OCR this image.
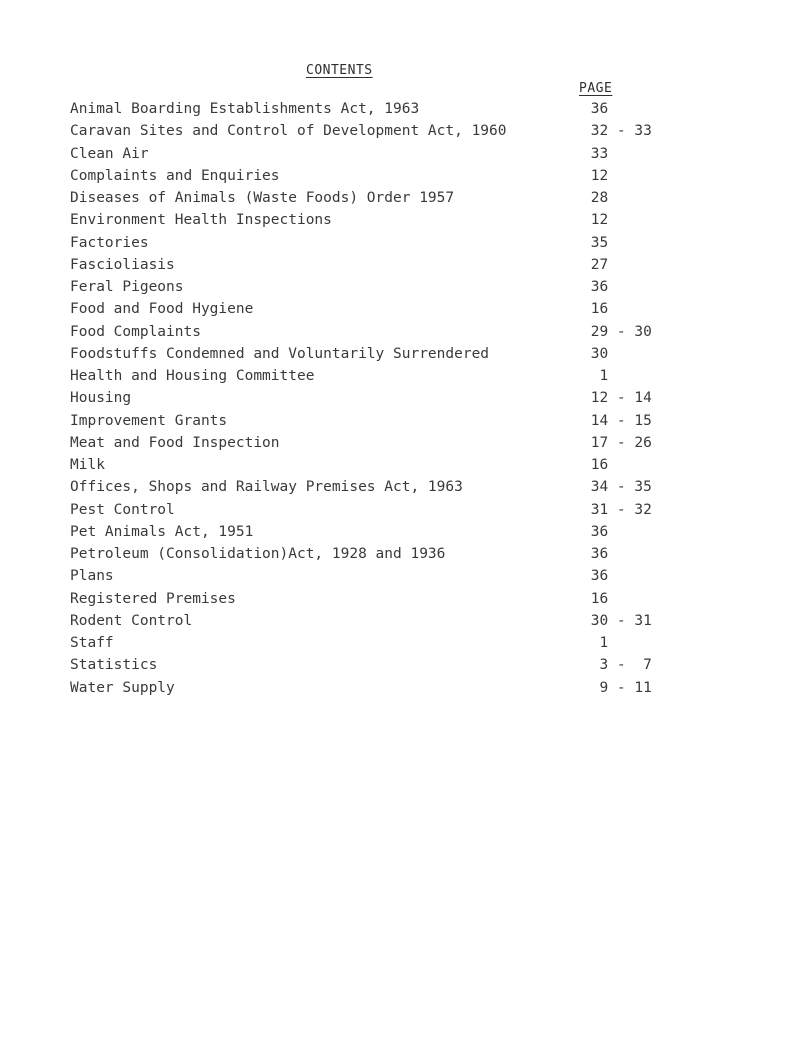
CONTENTS
PAGE
Animal Boarding Establishments Act, 1963	36
Caravan Sites and Control of Development Act, 1960	32 - 33
Clean Air	33
Complaints and Enquiries	12
Diseases of Animals (Waste Foods) Order 1957	28
Environment Health Inspections	12
Factories	35
Fascioliasis	27
Feral Pigeons	36
Food and Food Hygiene	16
Food Complaints	29 - 30
Foodstuffs Condemned and Voluntarily Surrendered	30
Health and Housing Committee	1
Housing	12 - 14
Improvement Grants	14 - 15
Meat and Food Inspection	17 - 26
Milk	16
Offices, Shops and Railway Premises Act, 1963	34 - 35
Pest Control	31 - 32
Pet Animals Act, 1951	36
Petroleum (Consolidation)Act, 1928 and 1936	36
Plans	36
Registered Premises	16
Rodent Control	30 - 31
Staff	1
Statistics	3 -  7
Water Supply	9 - 11
